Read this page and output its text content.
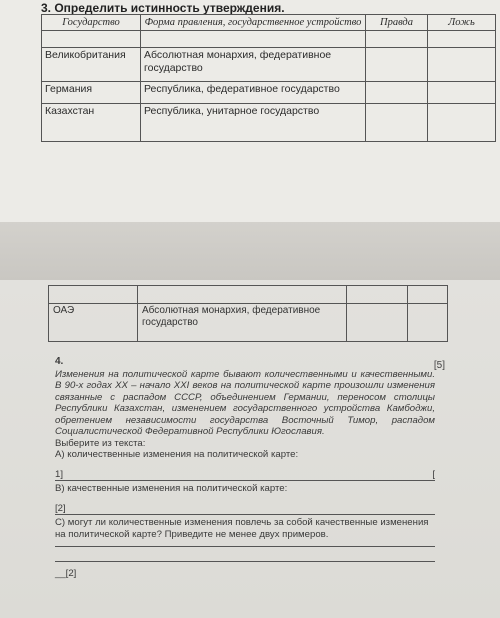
3. Определить истинность утверждения.
Государство	Форма правления, государственное устройство	Правда	Ложь

Великобритания	Абсолютная монархия, федеративное государство		
Германия	Республика, федеративное государство		
Казахстан	Республика, унитарное государство		

ОАЭ	Абсолютная монархия, федеративное государство		
[5]
4.
Изменения на политической карте бывают количественными и качественными. В 90-х годах XX – начало XXI веков на политической карте произошли изменения связанные с распадом СССР, объединением Германии, переносом столицы Республики Казахстан, изменением государственного устройства Камбоджи, обретением независимости государства Восточный Тимор, распадом Социалистической Федеративной Республики Югославия.
Выберите из текста:
А) количественные изменения на политической карте:
1]	[
В) качественные изменения на политической карте:
[2]
С) могут ли количественные изменения повлечь за собой качественные изменения на политической карте? Приведите не менее двух примеров.
__[2]
